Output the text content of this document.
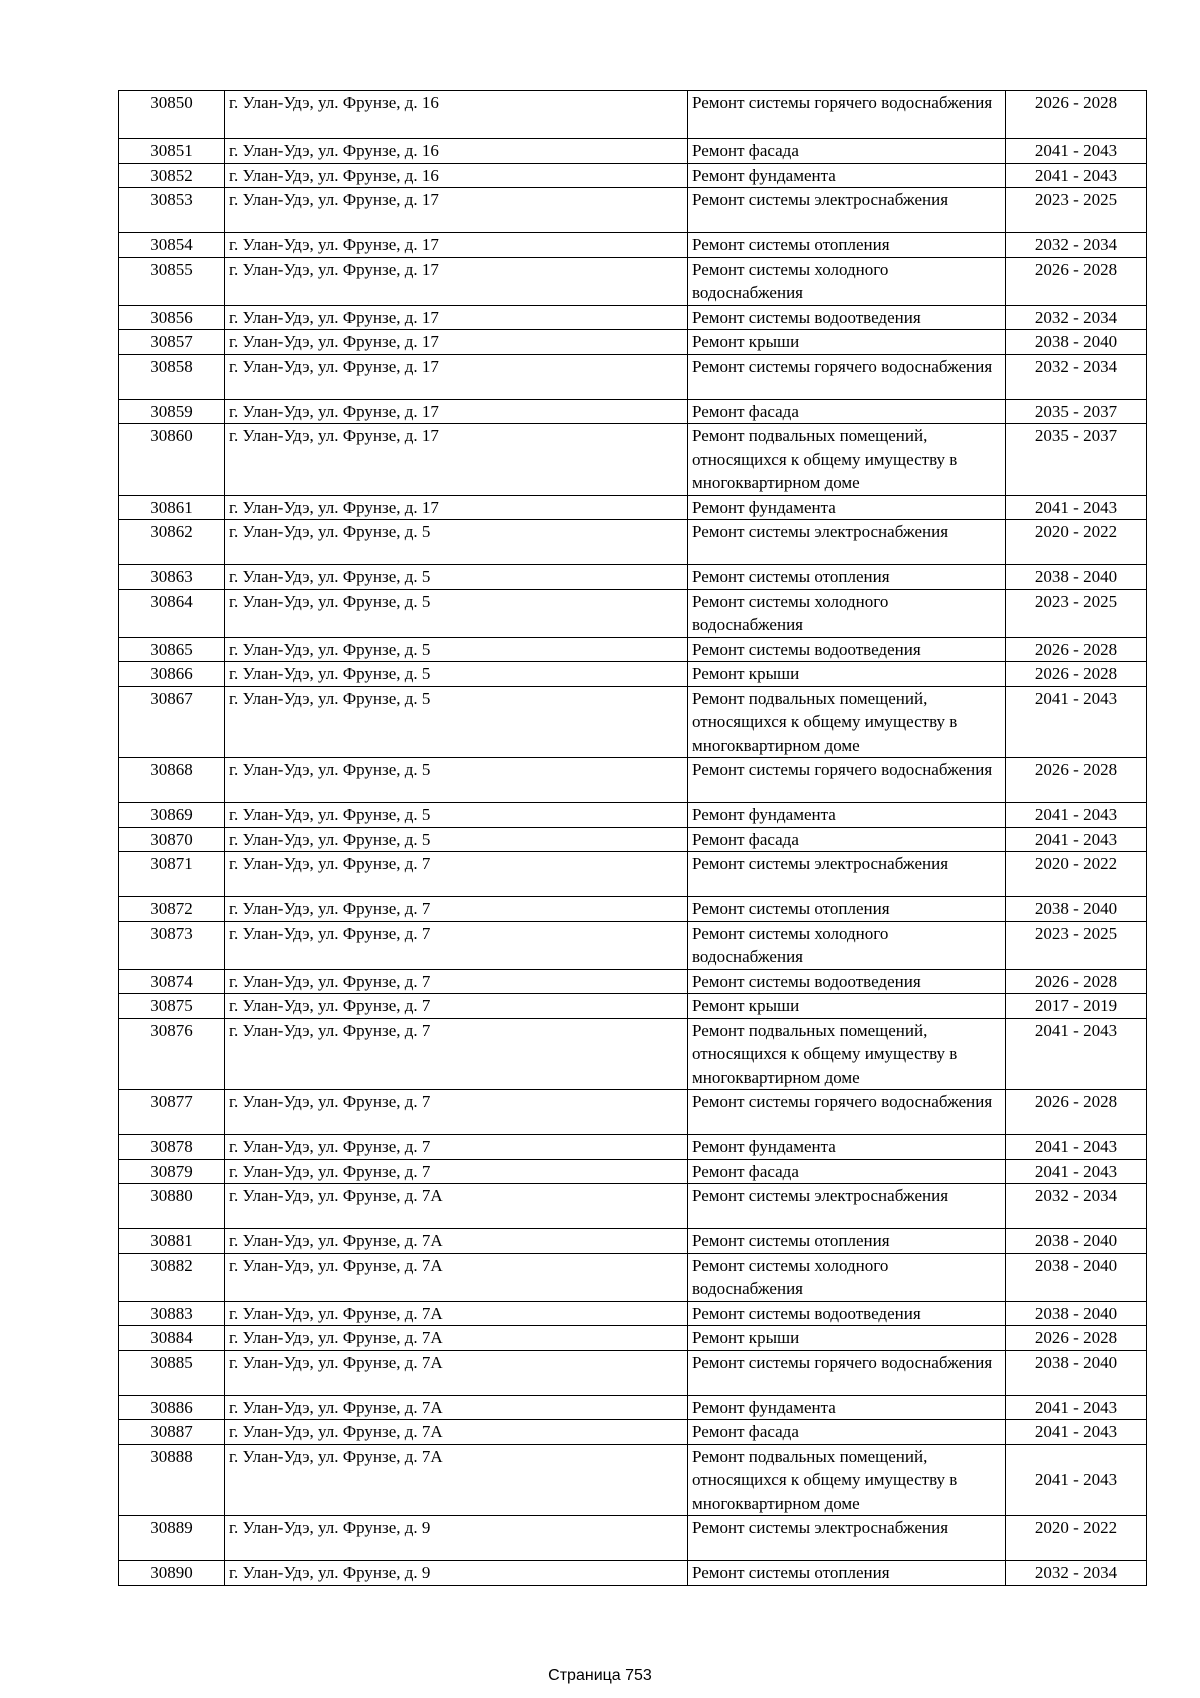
30850	г. Улан-Удэ, ул. Фрунзе, д. 16	Ремонт системы горячего водоснабжения	2026 - 2028
30851	г. Улан-Удэ, ул. Фрунзе, д. 16	Ремонт фасада	2041 - 2043
30852	г. Улан-Удэ, ул. Фрунзе, д. 16	Ремонт фундамента	2041 - 2043
30853	г. Улан-Удэ, ул. Фрунзе, д. 17	Ремонт системы электроснабжения	2023 - 2025
30854	г. Улан-Удэ, ул. Фрунзе, д. 17	Ремонт системы отопления	2032 - 2034
30855	г. Улан-Удэ, ул. Фрунзе, д. 17	Ремонт системы холодного водоснабжения	2026 - 2028
30856	г. Улан-Удэ, ул. Фрунзе, д. 17	Ремонт системы водоотведения	2032 - 2034
30857	г. Улан-Удэ, ул. Фрунзе, д. 17	Ремонт крыши	2038 - 2040
30858	г. Улан-Удэ, ул. Фрунзе, д. 17	Ремонт системы горячего водоснабжения	2032 - 2034
30859	г. Улан-Удэ, ул. Фрунзе, д. 17	Ремонт фасада	2035 - 2037
30860	г. Улан-Удэ, ул. Фрунзе, д. 17	Ремонт подвальных помещений, относящихся к общему имуществу в многоквартирном доме	2035 - 2037
30861	г. Улан-Удэ, ул. Фрунзе, д. 17	Ремонт фундамента	2041 - 2043
30862	г. Улан-Удэ, ул. Фрунзе, д. 5	Ремонт системы электроснабжения	2020 - 2022
30863	г. Улан-Удэ, ул. Фрунзе, д. 5	Ремонт системы отопления	2038 - 2040
30864	г. Улан-Удэ, ул. Фрунзе, д. 5	Ремонт системы холодного водоснабжения	2023 - 2025
30865	г. Улан-Удэ, ул. Фрунзе, д. 5	Ремонт системы водоотведения	2026 - 2028
30866	г. Улан-Удэ, ул. Фрунзе, д. 5	Ремонт крыши	2026 - 2028
30867	г. Улан-Удэ, ул. Фрунзе, д. 5	Ремонт подвальных помещений, относящихся к общему имуществу в многоквартирном доме	2041 - 2043
30868	г. Улан-Удэ, ул. Фрунзе, д. 5	Ремонт системы горячего водоснабжения	2026 - 2028
30869	г. Улан-Удэ, ул. Фрунзе, д. 5	Ремонт фундамента	2041 - 2043
30870	г. Улан-Удэ, ул. Фрунзе, д. 5	Ремонт фасада	2041 - 2043
30871	г. Улан-Удэ, ул. Фрунзе, д. 7	Ремонт системы электроснабжения	2020 - 2022
30872	г. Улан-Удэ, ул. Фрунзе, д. 7	Ремонт системы отопления	2038 - 2040
30873	г. Улан-Удэ, ул. Фрунзе, д. 7	Ремонт системы холодного водоснабжения	2023 - 2025
30874	г. Улан-Удэ, ул. Фрунзе, д. 7	Ремонт системы водоотведения	2026 - 2028
30875	г. Улан-Удэ, ул. Фрунзе, д. 7	Ремонт крыши	2017 - 2019
30876	г. Улан-Удэ, ул. Фрунзе, д. 7	Ремонт подвальных помещений, относящихся к общему имуществу в многоквартирном доме	2041 - 2043
30877	г. Улан-Удэ, ул. Фрунзе, д. 7	Ремонт системы горячего водоснабжения	2026 - 2028
30878	г. Улан-Удэ, ул. Фрунзе, д. 7	Ремонт фундамента	2041 - 2043
30879	г. Улан-Удэ, ул. Фрунзе, д. 7	Ремонт фасада	2041 - 2043
30880	г. Улан-Удэ, ул. Фрунзе, д. 7А	Ремонт системы электроснабжения	2032 - 2034
30881	г. Улан-Удэ, ул. Фрунзе, д. 7А	Ремонт системы отопления	2038 - 2040
30882	г. Улан-Удэ, ул. Фрунзе, д. 7А	Ремонт системы холодного водоснабжения	2038 - 2040
30883	г. Улан-Удэ, ул. Фрунзе, д. 7А	Ремонт системы водоотведения	2038 - 2040
30884	г. Улан-Удэ, ул. Фрунзе, д. 7А	Ремонт крыши	2026 - 2028
30885	г. Улан-Удэ, ул. Фрунзе, д. 7А	Ремонт системы горячего водоснабжения	2038 - 2040
30886	г. Улан-Удэ, ул. Фрунзе, д. 7А	Ремонт фундамента	2041 - 2043
30887	г. Улан-Удэ, ул. Фрунзе, д. 7А	Ремонт фасада	2041 - 2043
30888	г. Улан-Удэ, ул. Фрунзе, д. 7А	Ремонт подвальных помещений, относящихся к общему имуществу в многоквартирном доме	2041 - 2043
30889	г. Улан-Удэ, ул. Фрунзе, д. 9	Ремонт системы электроснабжения	2020 - 2022
30890	г. Улан-Удэ, ул. Фрунзе, д. 9	Ремонт системы отопления	2032 - 2034
Страница 753
